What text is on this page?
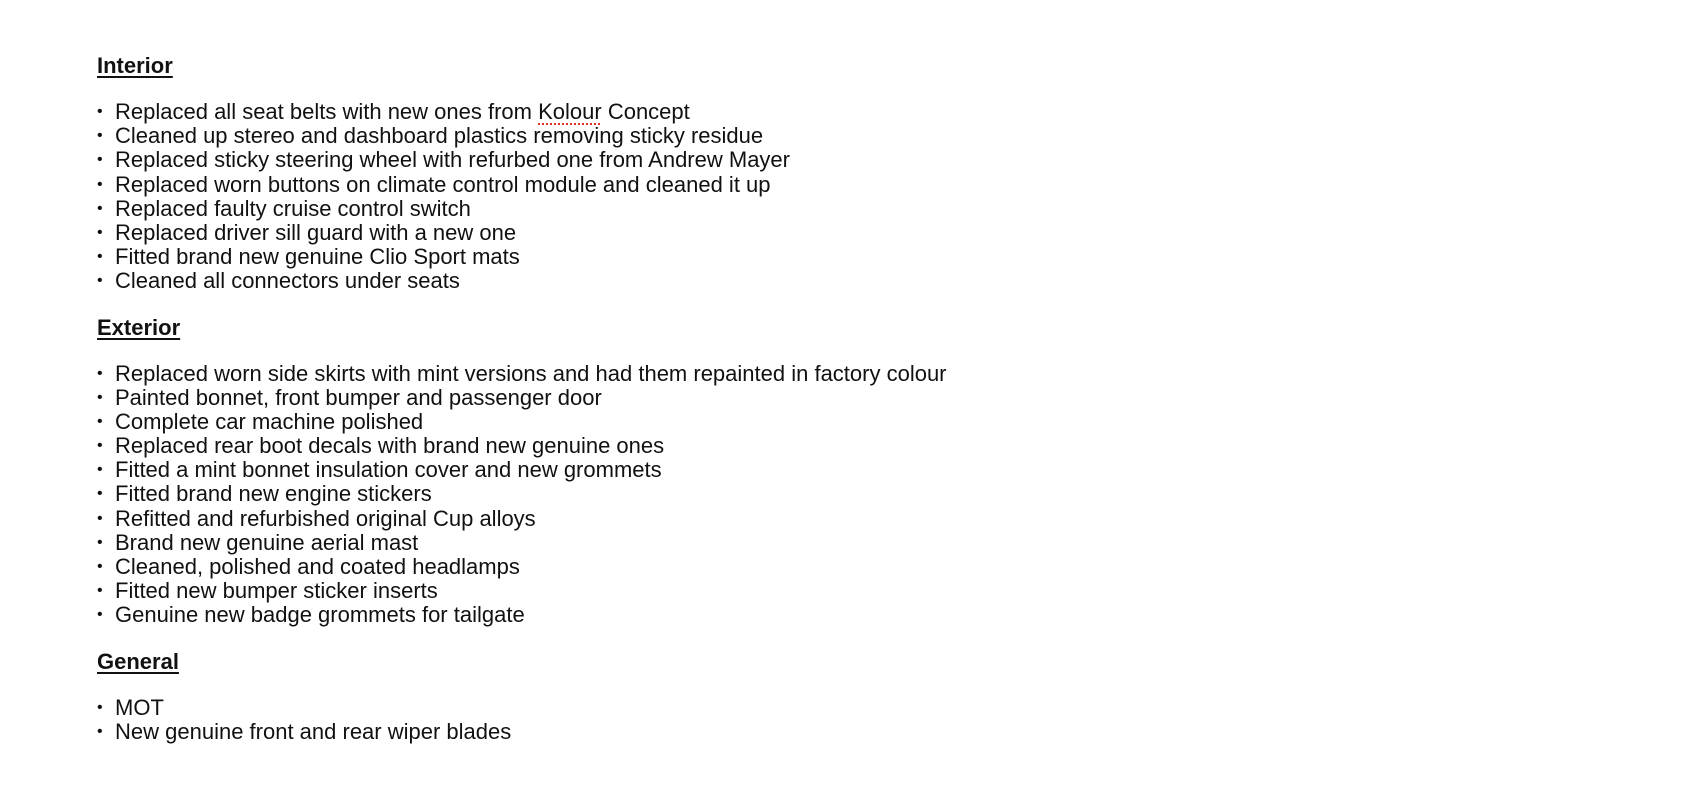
Interior
• Replaced all seat belts with new ones from Kolour Concept
• Cleaned up stereo and dashboard plastics removing sticky residue
• Replaced sticky steering wheel with refurbed one from Andrew Mayer
• Replaced worn buttons on climate control module and cleaned it up
• Replaced faulty cruise control switch
• Replaced driver sill guard with a new one
• Fitted brand new genuine Clio Sport mats
• Cleaned all connectors under seats
Exterior
• Replaced worn side skirts with mint versions and had them repainted in factory colour
• Painted bonnet, front bumper and passenger door
• Complete car machine polished
• Replaced rear boot decals with brand new genuine ones
• Fitted a mint bonnet insulation cover and new grommets
• Fitted brand new engine stickers
• Refitted and refurbished original Cup alloys
• Brand new genuine aerial mast
• Cleaned, polished and coated headlamps
• Fitted new bumper sticker inserts
• Genuine new badge grommets for tailgate
General
• MOT
• New genuine front and rear wiper blades
